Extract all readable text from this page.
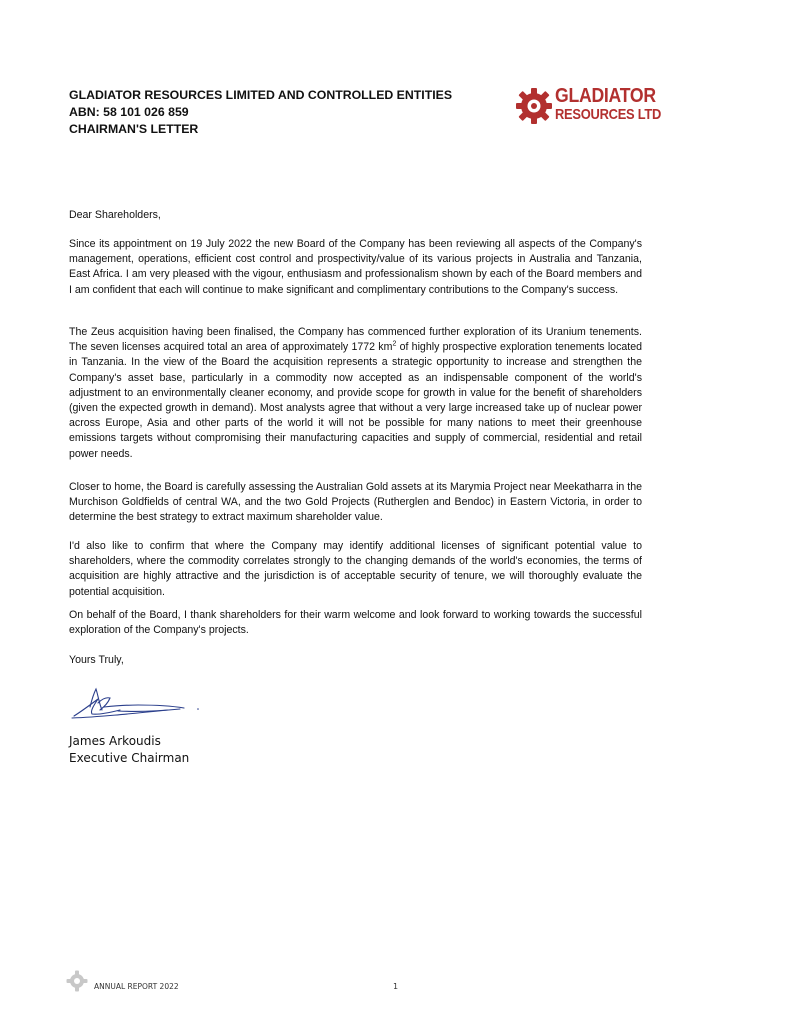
GLADIATOR RESOURCES LIMITED AND CONTROLLED ENTITIES
ABN: 58 101 026 859
CHAIRMAN'S LETTER
GLADIATOR
RESOURCES LTD
Dear Shareholders,
Since its appointment on 19 July 2022 the new Board of the Company has been reviewing all aspects of the Company's management, operations, efficient cost control and prospectivity/value of its various projects in Australia and Tanzania, East Africa. I am very pleased with the vigour, enthusiasm and professionalism shown by each of the Board members and I am confident that each will continue to make significant and complimentary contributions to the Company's success.
The Zeus acquisition having been finalised, the Company has commenced further exploration of its Uranium tenements. The seven licenses acquired total an area of approximately 1772 $km^2$ of highly prospective exploration tenements located in Tanzania. In the view of the Board the acquisition represents a strategic opportunity to increase and strengthen the Company's asset base, particularly in a commodity now accepted as an indispensable component of the world's adjustment to an environmentally cleaner economy, and provide scope for growth in value for the benefit of shareholders (given the expected growth in demand). Most analysts agree that without a very large increased take up of nuclear power across Europe, Asia and other parts of the world it will not be possible for many nations to meet their greenhouse emissions targets without compromising their manufacturing capacities and supply of commercial, residential and retail power needs.
Closer to home, the Board is carefully assessing the Australian Gold assets at its Marymia Project near Meekatharra in the Murchison Goldfields of central WA, and the two Gold Projects (Rutherglen and Bendoc) in Eastern Victoria, in order to determine the best strategy to extract maximum shareholder value.
I'd also like to confirm that where the Company may identify additional licenses of significant potential value to shareholders, where the commodity correlates strongly to the changing demands of the world's economies, the terms of acquisition are highly attractive and the jurisdiction is of acceptable security of tenure, we will thoroughly evaluate the potential acquisition.
On behalf of the Board, I thank shareholders for their warm welcome and look forward to working towards the successful exploration of the Company's projects.
Yours Truly,
James Arkoudis
Executive Chairman
ANNUAL REPORT 2022	1
